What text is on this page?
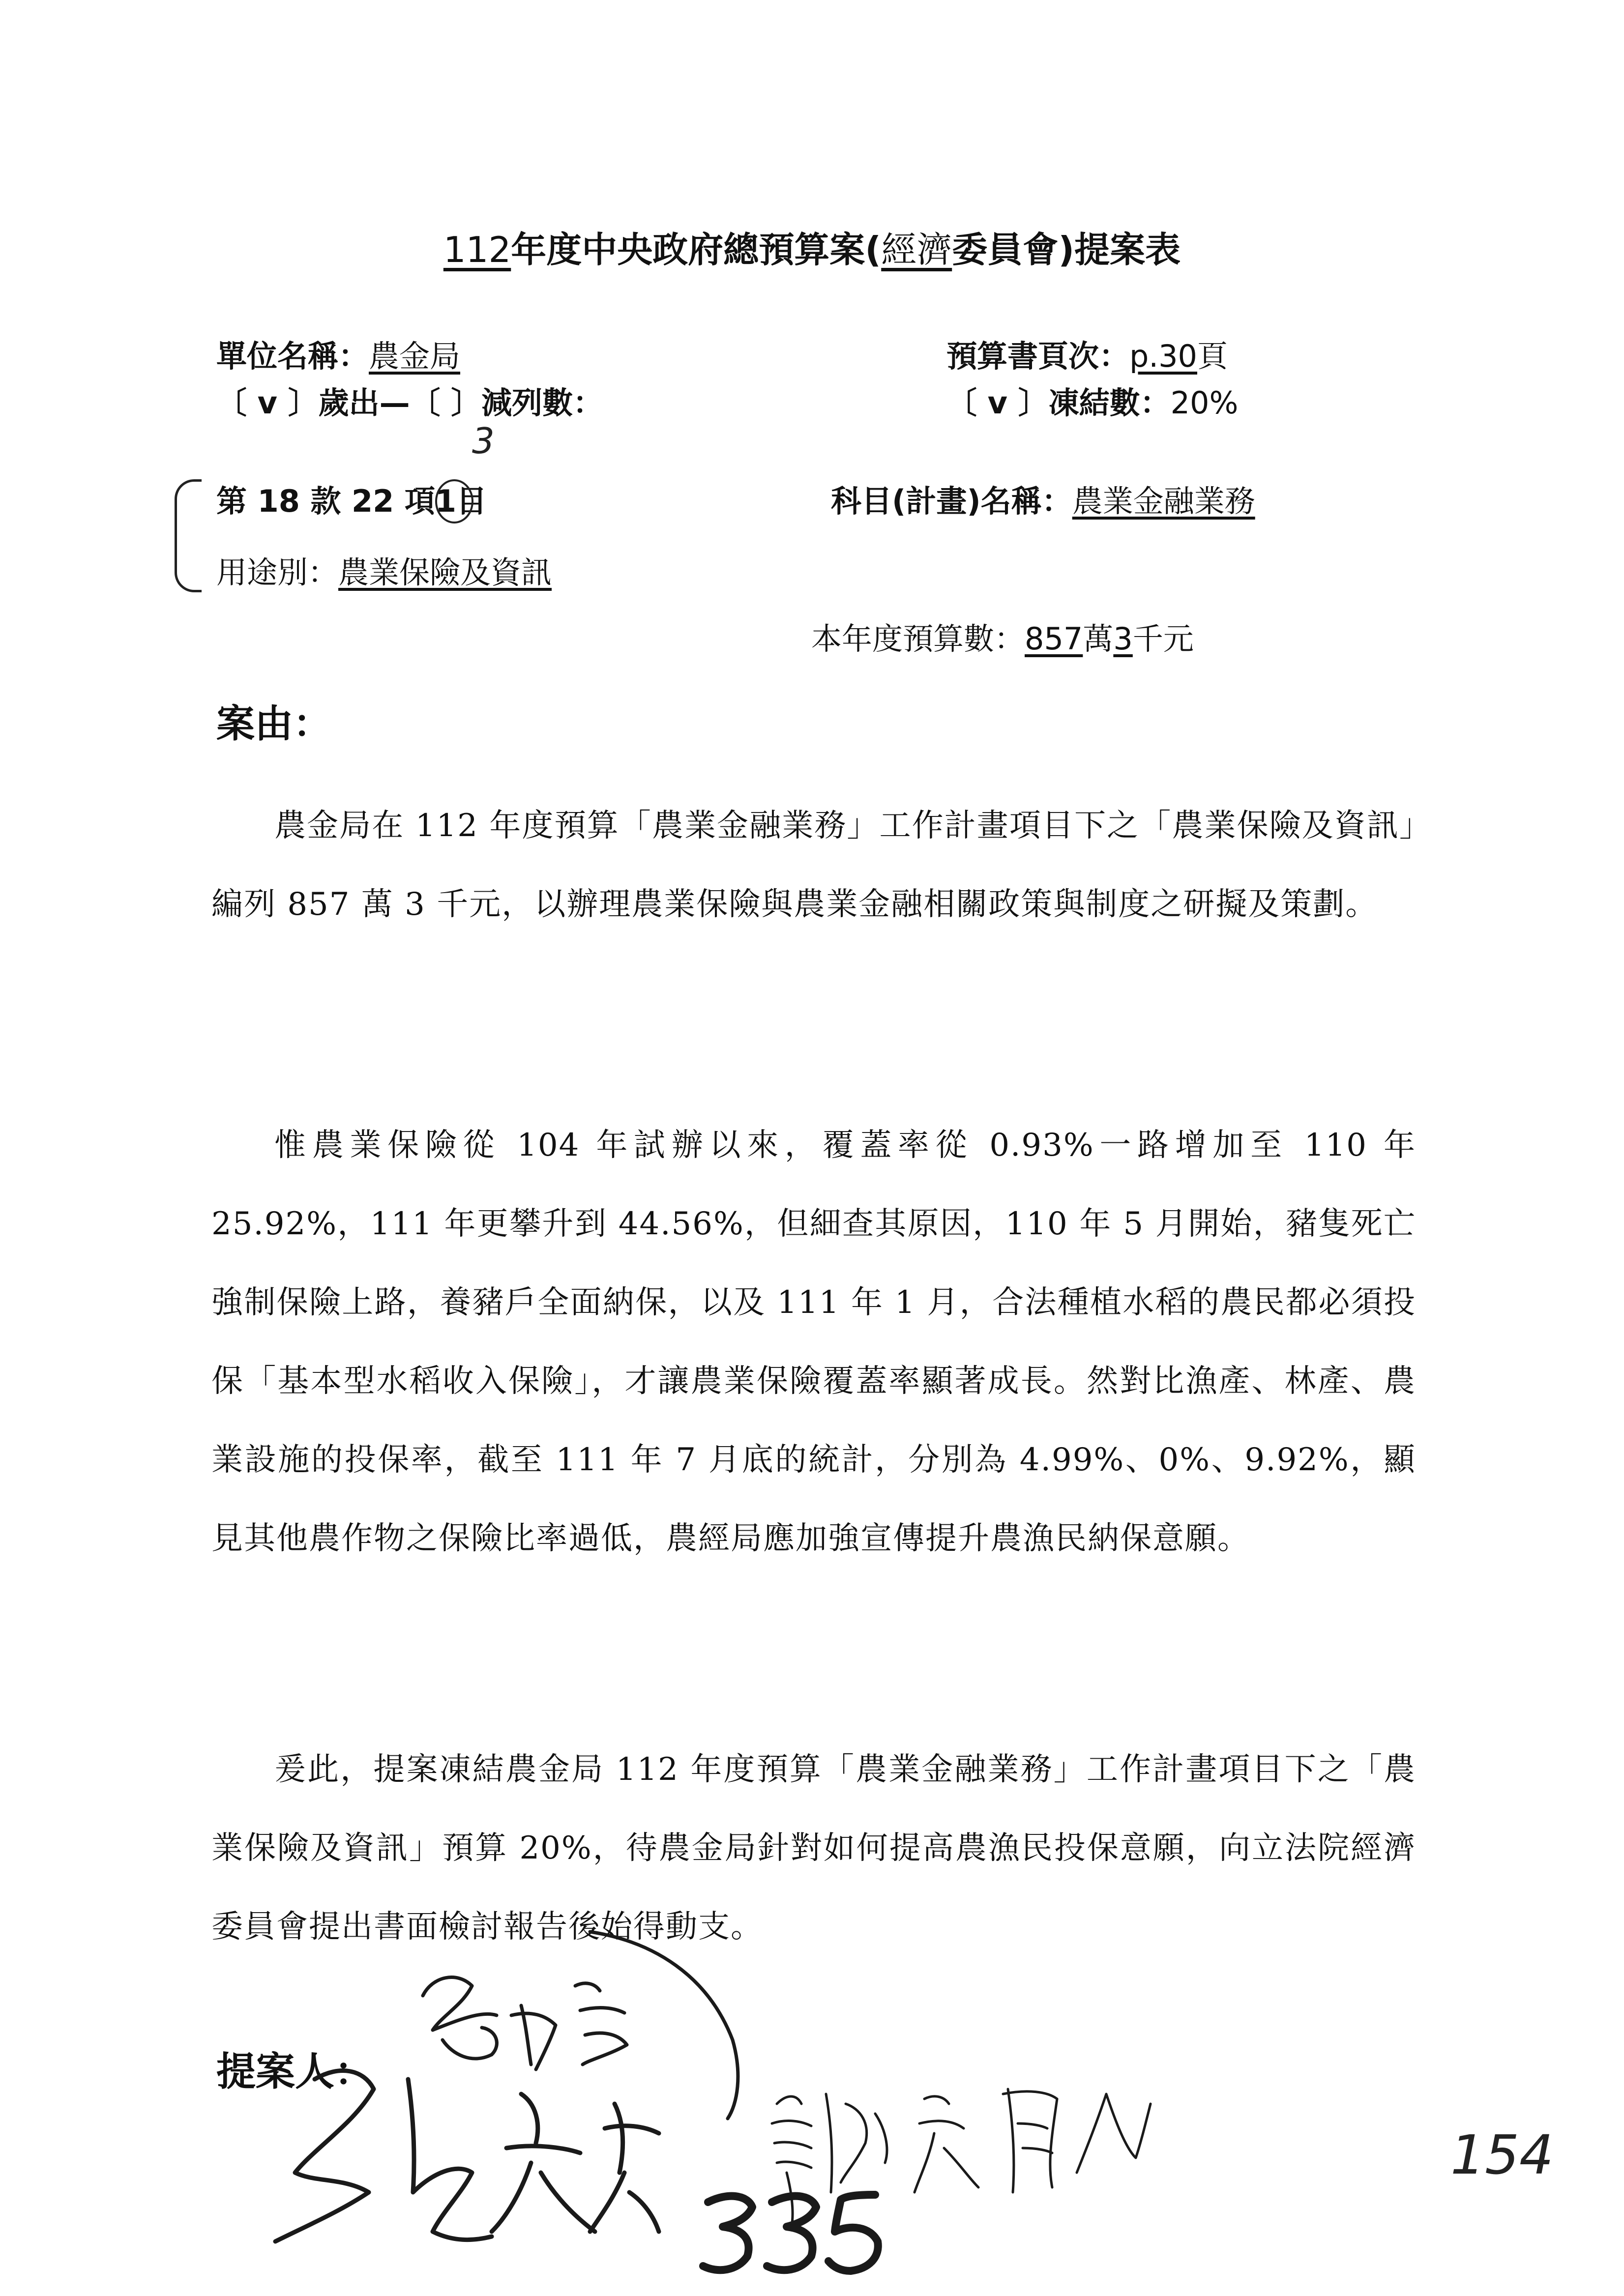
112年度中央政府總預算案(經濟委員會)提案表
單位名稱：農金局	預算書頁次：p.30頁
〔 v 〕歲出—〔 〕減列數：	〔 v 〕凍結數：20%
3
第 18 款 22 項1目	科目(計畫)名稱：農業金融業務
用途別：農業保險及資訊
本年度預算數：857萬3千元
案由：
農金局在 112 年度預算「農業金融業務」工作計畫項目下之「農業保險及資訊」編列 857 萬 3 千元，以辦理農業保險與農業金融相關政策與制度之研擬及策劃。
惟農業保險從 104 年試辦以來，覆蓋率從 0.93%一路增加至 110 年 25.92%，111 年更攀升到 44.56%，但細查其原因，110 年 5 月開始，豬隻死亡強制保險上路，養豬戶全面納保，以及 111 年 1 月，合法種植水稻的農民都必須投保「基本型水稻收入保險」，才讓農業保險覆蓋率顯著成長。然對比漁產、林產、農業設施的投保率，截至 111 年 7 月底的統計，分別為 4.99%、0%、9.92%，顯見其他農作物之保險比率過低，農經局應加強宣傳提升農漁民納保意願。
爰此，提案凍結農金局 112 年度預算「農業金融業務」工作計畫項目下之「農業保險及資訊」預算 20%，待農金局針對如何提高農漁民投保意願，向立法院經濟委員會提出書面檢討報告後始得動支。
提案人：
154
